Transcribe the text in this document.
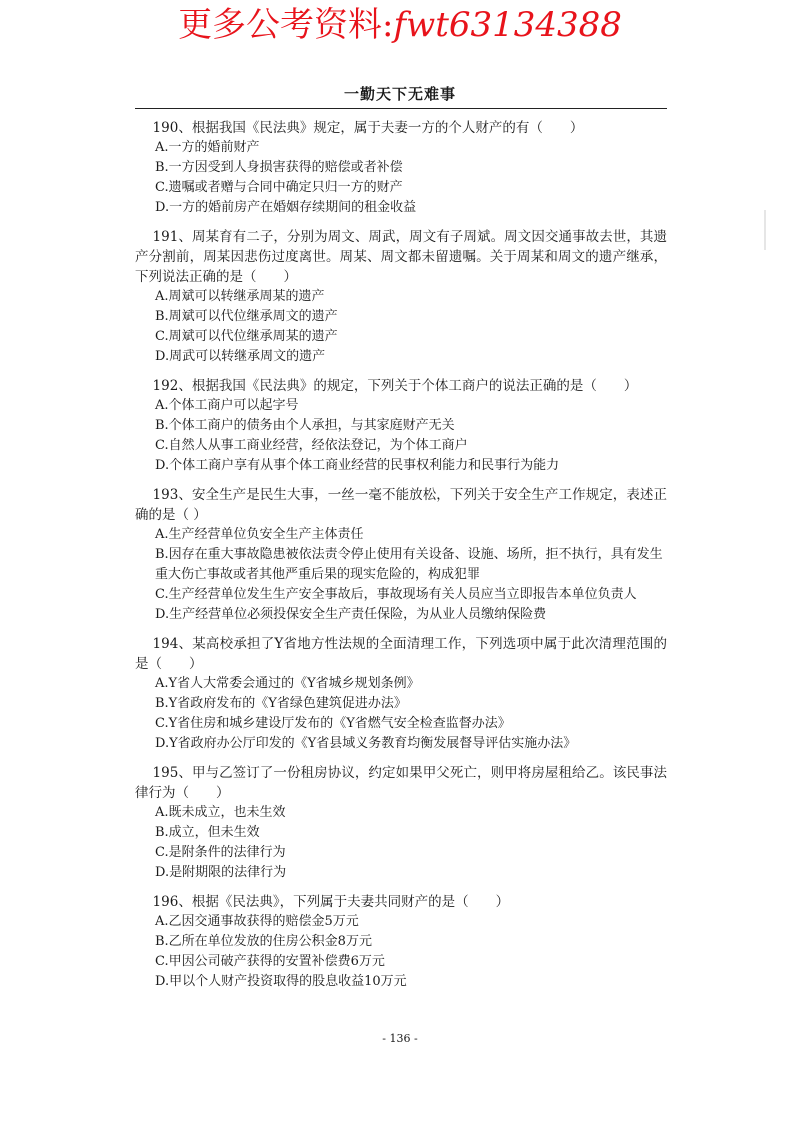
更多公考资料:fwt63134388
一勤天下无难事
190、根据我国《民法典》规定，属于夫妻一方的个人财产的有（　　）
A.一方的婚前财产
B.一方因受到人身损害获得的赔偿或者补偿
C.遗嘱或者赠与合同中确定只归一方的财产
D.一方的婚前房产在婚姻存续期间的租金收益
191、周某育有二子，分别为周文、周武，周文有子周斌。周文因交通事故去世，其遗产分割前，周某因悲伤过度离世。周某、周文都未留遗嘱。关于周某和周文的遗产继承，下列说法正确的是（　　）
A.周斌可以转继承周某的遗产
B.周斌可以代位继承周文的遗产
C.周斌可以代位继承周某的遗产
D.周武可以转继承周文的遗产
192、根据我国《民法典》的规定，下列关于个体工商户的说法正确的是（　　）
A.个体工商户可以起字号
B.个体工商户的债务由个人承担，与其家庭财产无关
C.自然人从事工商业经营，经依法登记，为个体工商户
D.个体工商户享有从事个体工商业经营的民事权利能力和民事行为能力
193、安全生产是民生大事，一丝一毫不能放松，下列关于安全生产工作规定，表述正确的是（ ）
A.生产经营单位负安全生产主体责任
B.因存在重大事故隐患被依法责令停止使用有关设备、设施、场所，拒不执行，具有发生重大伤亡事故或者其他严重后果的现实危险的，构成犯罪
C.生产经营单位发生生产安全事故后，事故现场有关人员应当立即报告本单位负责人
D.生产经营单位必须投保安全生产责任保险，为从业人员缴纳保险费
194、某高校承担了Y省地方性法规的全面清理工作，下列选项中属于此次清理范围的是（　　）
A.Y省人大常委会通过的《Y省城乡规划条例》
B.Y省政府发布的《Y省绿色建筑促进办法》
C.Y省住房和城乡建设厅发布的《Y省燃气安全检查监督办法》
D.Y省政府办公厅印发的《Y省县域义务教育均衡发展督导评估实施办法》
195、甲与乙签订了一份租房协议，约定如果甲父死亡，则甲将房屋租给乙。该民事法律行为（　　）
A.既未成立，也未生效
B.成立，但未生效
C.是附条件的法律行为
D.是附期限的法律行为
196、根据《民法典》，下列属于夫妻共同财产的是（　　）
A.乙因交通事故获得的赔偿金5万元
B.乙所在单位发放的住房公积金8万元
C.甲因公司破产获得的安置补偿费6万元
D.甲以个人财产投资取得的股息收益10万元
- 136 -
